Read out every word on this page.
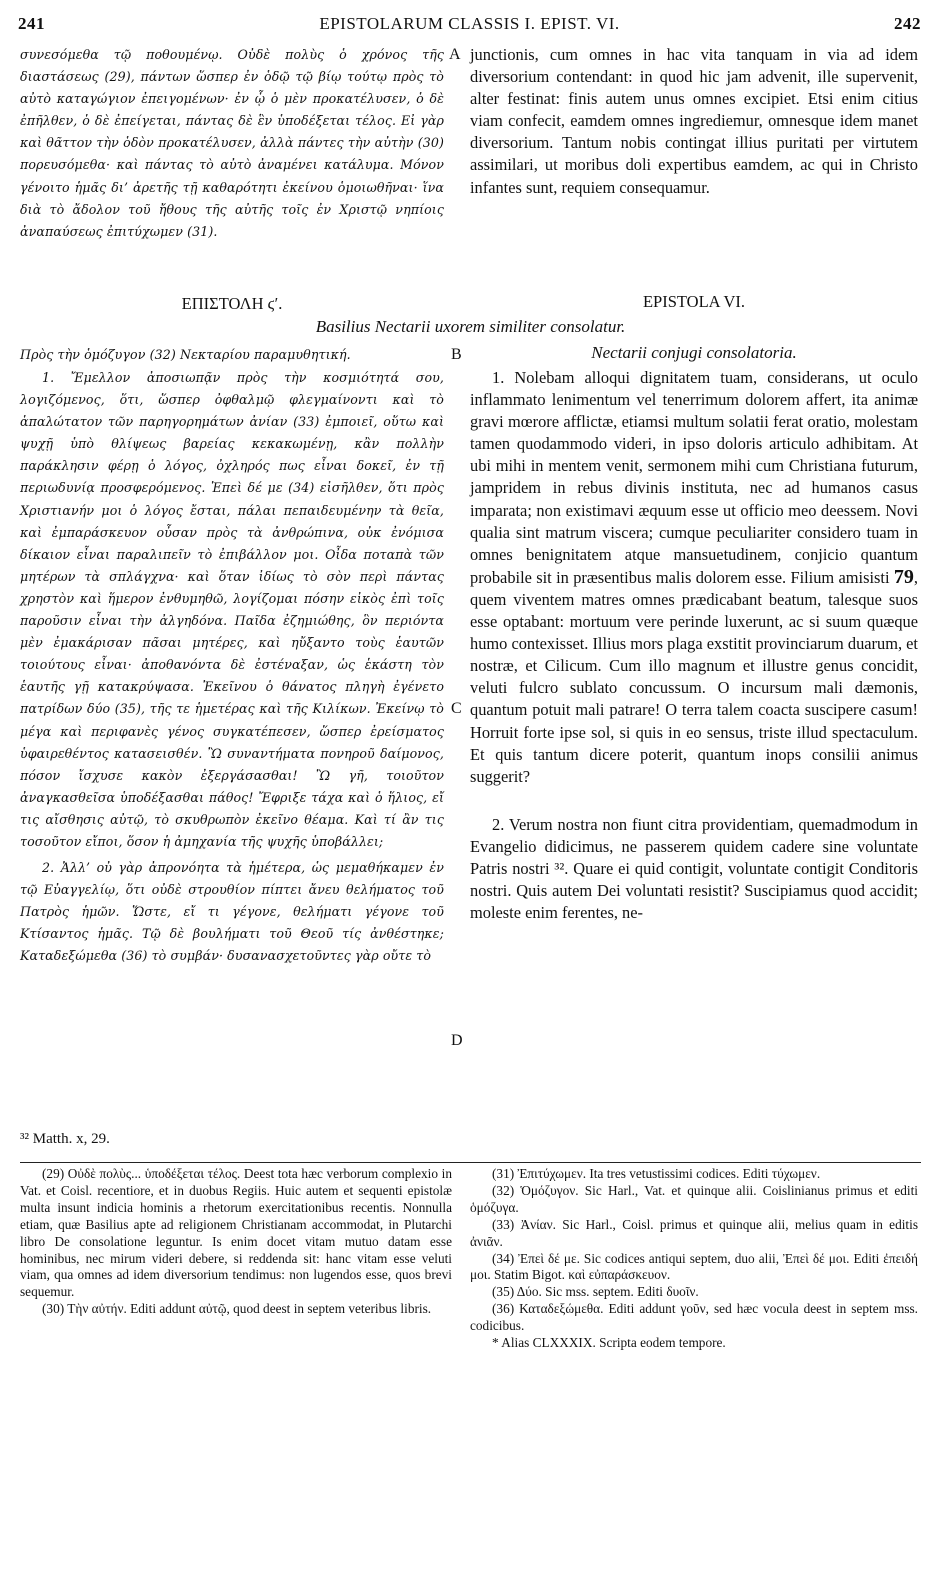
241	EPISTOLARUM CLASSIS I. EPIST. VI.	242

συνεσόμεθα τῷ ποθουμένῳ. Οὐδὲ πολὺς ὁ χρόνος τῆς διαστάσεως (29), πάντων ὥσπερ ἐν ὁδῷ τῷ βίῳ τούτῳ πρὸς τὸ αὐτὸ καταγώγιον ἐπειγομένων· ἐν ᾧ ὁ μὲν προκατέλυσεν, ὁ δὲ ἐπῆλθεν, ὁ δὲ ἐπείγεται, πάντας δὲ ἓν ὑποδέξεται τέλος. Εἰ γὰρ καὶ θᾶττον τὴν ὁδὸν προκατέλυσεν, ἀλλὰ πάντες τὴν αὐτὴν (30) πορευσόμεθα· καὶ πάντας τὸ αὐτὸ ἀναμένει κατάλυμα. Μόνον γένοιτο ἡμᾶς δι’ ἀρετῆς τῇ καθαρότητι ἐκείνου ὁμοιωθῆναι· ἵνα διὰ τὸ ἄδολον τοῦ ἤθους τῆς αὐτῆς τοῖς ἐν Χριστῷ νηπίοις ἀναπαύσεως ἐπιτύχωμεν (31).

junctionis, cum omnes in hac vita tanquam in via ad idem diversorium contendant: in quod hic jam advenit, ille supervenit, alter festinat: finis autem unus omnes excipiet. Etsi enim citius viam confecit, eamdem omnes ingrediemur, omnesque idem manet diversorium. Tantum nobis contingat illius puritati per virtutem assimilari, ut moribus doli expertibus eamdem, ac qui in Christo infantes sunt, requiem consequamur.

A
ΕΠΙΣΤΟΛΗ ϛʹ.	EPISTOLA VI.
Basilius Nectarii uxorem similiter consolatur.

Πρὸς τὴν ὁμόζυγον (32) Νεκταρίου παραμυθητική.	B	Nectarii conjugi consolatoria.

1. Ἔμελλον ἀποσιωπᾷν πρὸς τὴν κοσμιότητά σου, λογιζόμενος, ὅτι, ὥσπερ ὀφθαλμῷ φλεγμαίνοντι καὶ τὸ ἁπαλώτατον τῶν παρηγορημάτων ἀνίαν (33) ἐμποιεῖ, οὕτω καὶ ψυχῇ ὑπὸ θλίψεως βαρείας κεκακωμένῃ, κἂν πολλὴν παράκλησιν φέρῃ ὁ λόγος, ὀχληρός πως εἶναι δοκεῖ, ἐν τῇ περιωδυνίᾳ προσφερόμενος. Ἐπεὶ δέ με (34) εἰσῆλθεν, ὅτι πρὸς Χριστιανήν μοι ὁ λόγος ἔσται, πάλαι πεπαιδευμένην τὰ θεῖα, καὶ ἐμπαράσκευον οὖσαν πρὸς τὰ ἀνθρώπινα, οὐκ ἐνόμισα δίκαιον εἶναι παραλιπεῖν τὸ ἐπιβάλλον μοι. Οἶδα ποταπὰ τῶν μητέρων τὰ σπλάγχνα· καὶ ὅταν ἰδίως τὸ σὸν περὶ πάντας χρηστὸν καὶ ἥμερον ἐνθυμηθῶ, λογίζομαι πόσην εἰκὸς ἐπὶ τοῖς παροῦσιν εἶναι τὴν ἀλγηδόνα. Παῖδα ἐζημιώθης, ὃν περιόντα μὲν ἐμακάρισαν πᾶσαι μητέρες, καὶ ηὔξαντο τοὺς ἑαυτῶν τοιούτους εἶναι· ἀποθανόντα δὲ ἐστέναξαν, ὡς ἑκάστη τὸν ἑαυτῆς γῇ κατακρύψασα. Ἐκεῖνου ὁ θάνατος πληγὴ ἐγένετο πατρίδων δύο (35), τῆς τε ἡμετέρας καὶ τῆς Κιλίκων. Ἐκείνῳ τὸ μέγα καὶ περιφανὲς γένος συγκατέπεσεν, ὥσπερ ἐρείσματος ὑφαιρεθέντος κατασεισθέν. Ὢ συναντήματα πονηροῦ δαίμονος, πόσον ἴσχυσε κακὸν ἐξεργάσασθαι! Ὢ γῆ, τοιοῦτον ἀναγκασθεῖσα ὑποδέξασθαι πάθος! Ἔφριξε τάχα καὶ ὁ ἥλιος, εἴ τις αἴσθησις αὐτῷ, τὸ σκυθρωπὸν ἐκεῖνο θέαμα. Καὶ τί ἂν τις τοσοῦτον εἴποι, ὅσον ἡ ἀμηχανία τῆς ψυχῆς ὑποβάλλει;

2. Ἀλλ’ οὐ γὰρ ἀπρονόητα τὰ ἡμέτερα, ὡς μεμαθήκαμεν ἐν τῷ Εὐαγγελίῳ, ὅτι οὐδὲ στρουθίον πίπτει ἄνευ θελήματος τοῦ Πατρὸς ἡμῶν. Ὥστε, εἴ τι γέγονε, θελήματι γέγονε τοῦ Κτίσαντος ἡμᾶς. Τῷ δὲ βουλήματι τοῦ Θεοῦ τίς ἀνθέστηκε; Καταδεξώμεθα (36) τὸ συμβάν· δυσανασχετοῦντες γὰρ οὔτε τὸ

1. Nolebam alloqui dignitatem tuam, considerans, ut oculo inflammato lenimentum vel tenerrimum dolorem affert, ita animæ gravi mœrore afflictæ, etiamsi multum solatii ferat oratio, molestam tamen quodammodo videri, in ipso doloris articulo adhibitam. At ubi mihi in mentem venit, sermonem mihi cum Christiana futurum, jampridem in rebus divinis instituta, nec ad humanos casus imparata; non existimavi æquum esse ut officio meo deessem. Novi qualia sint matrum viscera; cumque peculiariter considero tuam in omnes benignitatem atque mansuetudinem, conjicio quantum probabile sit in præsentibus malis dolorem esse. Filium amisisti 79, quem viventem matres omnes prædicabant beatum, talesque suos esse optabant: mortuum vere perinde luxerunt, ac si suum quæque humo contexisset. Illius mors plaga exstitit provinciarum duarum, et nostræ, et Cilicum. Cum illo magnum et illustre genus concidit, veluti fulcro sublato concussum. O incursum mali dæmonis, quantum potuit mali patrare! O terra talem coacta suscipere casum! Horruit forte ipse sol, si quis in eo sensus, triste illud spectaculum. Et quis tantum dicere poterit, quantum inops consilii animus suggerit?

2. Verum nostra non fiunt citra providentiam, quemadmodum in Evangelio didicimus, ne passerem quidem cadere sine voluntate Patris nostri ³². Quare ei quid contigit, voluntate contigit Conditoris nostri. Quis autem Dei voluntati resistit? Suscipiamus quod accidit; moleste enim ferentes, ne-

C
D
³² Matth. x, 29.

(29) Οὐδὲ πολὺς... ὑποδέξεται τέλος. Deest tota hæc verborum complexio in Vat. et Coisl. recentiore, et in duobus Regiis. Huic autem et sequenti epistolæ multa insunt indicia hominis a rhetorum exercitationibus recentis. Nonnulla etiam, quæ Basilius apte ad religionem Christianam accommodat, in Plutarchi libro De consolatione leguntur. Is enim docet vitam mutuo datam esse hominibus, nec mirum videri debere, si reddenda sit: hanc vitam esse veluti viam, qua omnes ad idem diversorium tendimus: non lugendos esse, quos brevi sequemur.

(30) Τὴν αὐτήν. Editi addunt αὐτῷ, quod deest in septem veteribus libris.

(31) Ἐπιτύχωμεν. Ita tres vetustissimi codices. Editi τύχωμεν.

(32) Ὁμόζυγον. Sic Harl., Vat. et quinque alii. Coislinianus primus et editi ὁμόζυγα.

(33) Ἀνίαν. Sic Harl., Coisl. primus et quinque alii, melius quam in editis ἀνιᾶν.

(34) Ἐπεὶ δέ με. Sic codices antiqui septem, duo alii, Ἐπεὶ δέ μοι. Editi ἐπειδή μοι. Statim Bigot. καὶ εὐπαράσκευον.

(35) Δύο. Sic mss. septem. Editi δυοῖν.

(36) Καταδεξώμεθα. Editi addunt γοῦν, sed hæc vocula deest in septem mss. codicibus.

* Alias CLXXXIX. Scripta eodem tempore.
